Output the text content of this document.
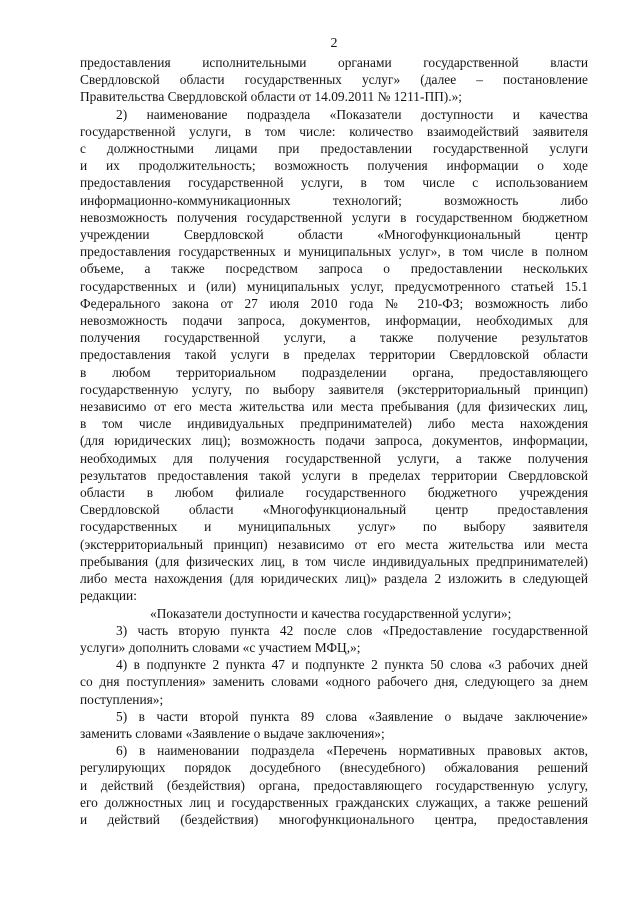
2
предоставления исполнительными органами государственной власти
Свердловской области государственных услуг» (далее – постановление
Правительства Свердловской области от 14.09.2011 № 1211-ПП).»;
2) наименование подраздела «Показатели доступности и качества
государственной услуги, в том числе: количество взаимодействий заявителя
с должностными лицами при предоставлении государственной услуги
и их продолжительность; возможность получения информации о ходе
предоставления государственной услуги, в том числе с использованием
информационно-коммуникационных технологий; возможность либо
невозможность получения государственной услуги в государственном бюджетном
учреждении Свердловской области «Многофункциональный центр
предоставления государственных и муниципальных услуг», в том числе в полном
объеме, а также посредством запроса о предоставлении нескольких
государственных и (или) муниципальных услуг, предусмотренного статьей 15.1
Федерального закона от 27 июля 2010 года № 210-ФЗ; возможность либо
невозможность подачи запроса, документов, информации, необходимых для
получения государственной услуги, а также получение результатов
предоставления такой услуги в пределах территории Свердловской области
в любом территориальном подразделении органа, предоставляющего
государственную услугу, по выбору заявителя (экстерриториальный принцип)
независимо от его места жительства или места пребывания (для физических лиц,
в том числе индивидуальных предпринимателей) либо места нахождения
(для юридических лиц); возможность подачи запроса, документов, информации,
необходимых для получения государственной услуги, а также получения
результатов предоставления такой услуги в пределах территории Свердловской
области в любом филиале государственного бюджетного учреждения
Свердловской области «Многофункциональный центр предоставления
государственных и муниципальных услуг» по выбору заявителя
(экстерриториальный принцип) независимо от его места жительства или места
пребывания (для физических лиц, в том числе индивидуальных предпринимателей)
либо места нахождения (для юридических лиц)» раздела 2 изложить в следующей
редакции:
«Показатели доступности и качества государственной услуги»;
3) часть вторую пункта 42 после слов «Предоставление государственной
услуги» дополнить словами «с участием МФЦ,»;
4) в подпункте 2 пункта 47 и подпункте 2 пункта 50 слова «3 рабочих дней
со дня поступления» заменить словами «одного рабочего дня, следующего за днем
поступления»;
5) в части второй пункта 89 слова «Заявление о выдаче заключение»
заменить словами «Заявление о выдаче заключения»;
6) в наименовании подраздела «Перечень нормативных правовых актов,
регулирующих порядок досудебного (внесудебного) обжалования решений
и действий (бездействия) органа, предоставляющего государственную услугу,
его должностных лиц и государственных гражданских служащих, а также решений
и действий (бездействия) многофункционального центра, предоставления
